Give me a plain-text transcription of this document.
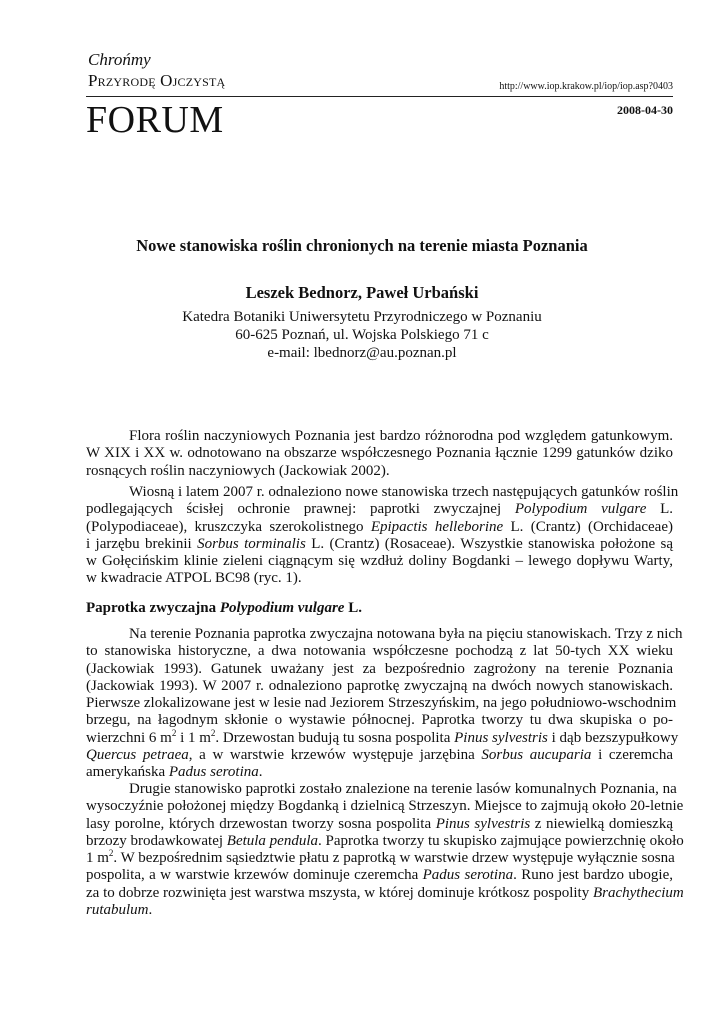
Chrońmy
Przyrodę Ojczystą	http://www.iop.krakow.pl/iop/iop.asp?0403
FORUM	2008-04-30
Nowe stanowiska roślin chronionych na terenie miasta Poznania
Leszek Bednorz, Paweł Urbański
Katedra Botaniki Uniwersytetu Przyrodniczego w Poznaniu
60-625 Poznań, ul. Wojska Polskiego 71 c
e-mail: lbednorz@au.poznan.pl
Flora roślin naczyniowych Poznania jest bardzo różnorodna pod względem gatunkowym.
W XIX i XX w. odnotowano na obszarze współczesnego Poznania łącznie 1299 gatunków dziko
rosnących roślin naczyniowych (Jackowiak 2002).
Wiosną i latem 2007 r. odnaleziono nowe stanowiska trzech następujących gatunków roślin
podlegających ścisłej ochronie prawnej: paprotki zwyczajnej Polypodium vulgare L.
(Polypodiaceae), kruszczyka szerokolistnego Epipactis helleborine L. (Crantz) (Orchidaceae)
i jarzębu brekinii Sorbus torminalis L. (Crantz) (Rosaceae). Wszystkie stanowiska położone są
w Gołęcińskim klinie zieleni ciągnącym się wzdłuż doliny Bogdanki – lewego dopływu Warty,
w kwadracie ATPOL BC98 (ryc. 1).
Paprotka zwyczajna Polypodium vulgare L.
Na terenie Poznania paprotka zwyczajna notowana była na pięciu stanowiskach. Trzy z nich
to stanowiska historyczne, a dwa notowania współczesne pochodzą z lat 50-tych XX wieku
(Jackowiak 1993). Gatunek uważany jest za bezpośrednio zagrożony na terenie Poznania
(Jackowiak 1993). W 2007 r. odnaleziono paprotkę zwyczajną na dwóch nowych stanowiskach.
Pierwsze zlokalizowane jest w lesie nad Jeziorem Strzeszyńskim, na jego południowo-wschodnim
brzegu, na łagodnym skłonie o wystawie północnej. Paprotka tworzy tu dwa skupiska o po-
wierzchni 6 $m^2$ i 1 $m^2$. Drzewostan budują tu sosna pospolita Pinus sylvestris i dąb bezszypułkowy
Quercus petraea, a w warstwie krzewów występuje jarzębina Sorbus aucuparia i czeremcha
amerykańska Padus serotina.
Drugie stanowisko paprotki zostało znalezione na terenie lasów komunalnych Poznania, na
wysoczyźnie położonej między Bogdanką i dzielnicą Strzeszyn. Miejsce to zajmują około 20-letnie
lasy porolne, których drzewostan tworzy sosna pospolita Pinus sylvestris z niewielką domieszką
brzozy brodawkowatej Betula pendula. Paprotka tworzy tu skupisko zajmujące powierzchnię około
1 $m^2$. W bezpośrednim sąsiedztwie płatu z paprotką w warstwie drzew występuje wyłącznie sosna
pospolita, a w warstwie krzewów dominuje czeremcha Padus serotina. Runo jest bardzo ubogie,
za to dobrze rozwinięta jest warstwa mszysta, w której dominuje krótkosz pospolity Brachythecium
rutabulum.
